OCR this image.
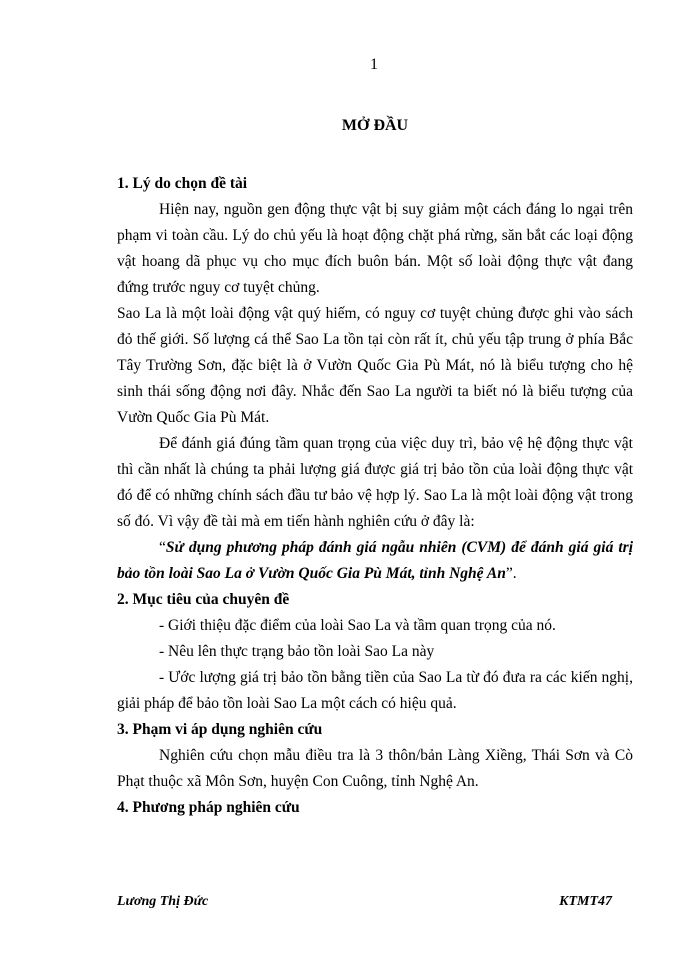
1
MỞ ĐẦU

1. Lý do chọn đề tài

Hiện nay, nguồn gen động thực vật bị suy giảm một cách đáng lo ngại trên phạm vi toàn cầu. Lý do chủ yếu là hoạt động chặt phá rừng, săn bắt các loại động vật hoang dã phục vụ cho mục đích buôn bán. Một số loài động thực vật đang đứng trước nguy cơ tuyệt chủng.

Sao La là một loài động vật quý hiếm, có nguy cơ tuyệt chủng được ghi vào sách đỏ thế giới. Số lượng cá thể Sao La tồn tại còn rất ít, chủ yếu tập trung ở phía Bắc Tây Trường Sơn, đặc biệt là ở Vườn Quốc Gia Pù Mát, nó là biểu tượng cho hệ sinh thái sống động nơi đây. Nhắc đến Sao La người ta biết nó là biểu tượng của Vườn Quốc Gia Pù Mát.

Để đánh giá đúng tầm quan trọng của việc duy trì, bảo vệ hệ động thực vật thì cần nhất là chúng ta phải lượng giá được giá trị bảo tồn của loài động thực vật đó để có những chính sách đầu tư bảo vệ hợp lý. Sao La là một loài động vật trong số đó. Vì vậy đề tài mà em tiến hành nghiên cứu ở đây là:

“Sử dụng phương pháp đánh giá ngẫu nhiên (CVM) để đánh giá giá trị bảo tồn loài Sao La ở Vườn Quốc Gia Pù Mát, tỉnh Nghệ An”.

2. Mục tiêu của chuyên đề

- Giới thiệu đặc điểm của loài Sao La và tầm quan trọng của nó.

- Nêu lên thực trạng bảo tồn loài Sao La này

- Ước lượng giá trị bảo tồn bằng tiền của Sao La từ đó đưa ra các kiến nghị, giải pháp để bảo tồn loài Sao La một cách có hiệu quả.

3. Phạm vi áp dụng nghiên cứu

Nghiên cứu chọn mẫu điều tra là 3 thôn/bản Làng Xiềng, Thái Sơn và Cò Phạt thuộc xã Môn Sơn, huyện Con Cuông, tỉnh Nghệ An.

4. Phương pháp nghiên cứu

Lương Thị Đức	KTMT47
